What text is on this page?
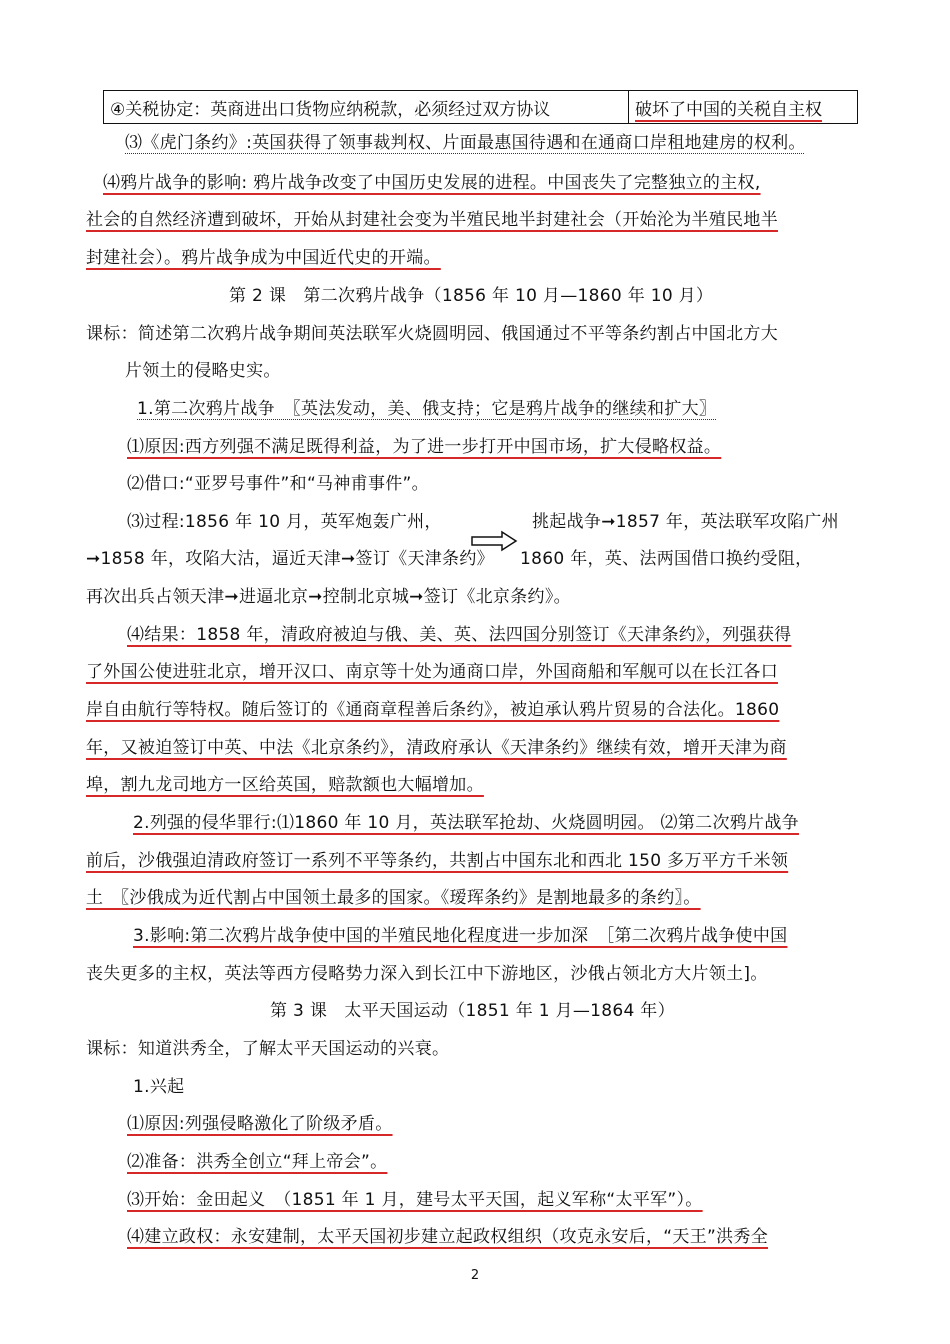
④关税协定：英商进出口货物应纳税款，必须经过双方协议	破坏了中国的关税自主权
⑶《虎门条约》:英国获得了领事裁判权、片面最惠国待遇和在通商口岸租地建房的权利。
⑷鸦片战争的影响: 鸦片战争改变了中国历史发展的进程。中国丧失了完整独立的主权,
社会的自然经济遭到破坏，开始从封建社会变为半殖民地半封建社会（开始沦为半殖民地半
封建社会）。鸦片战争成为中国近代史的开端。
第 2 课　第二次鸦片战争（1856 年 10 月—1860 年 10 月）
课标：简述第二次鸦片战争期间英法联军火烧圆明园、俄国通过不平等条约割占中国北方大
片领土的侵略史实。
1.第二次鸦片战争　〖英法发动，美、俄支持；它是鸦片战争的继续和扩大〗
⑴原因:西方列强不满足既得利益，为了进一步打开中国市场，扩大侵略权益。
⑵借口:“亚罗号事件”和“马神甫事件”。
⑶过程:1856 年 10 月，英军炮轰广州，	挑起战争➞1857 年，英法联军攻陷广州
➞1858 年，攻陷大沽，逼近天津➞签订《天津条约》　　1860 年，英、法两国借口换约受阻，
再次出兵占领天津➞进逼北京➞控制北京城➞签订《北京条约》。
⑷结果：1858 年，清政府被迫与俄、美、英、法四国分别签订《天津条约》，列强获得
了外国公使进驻北京，增开汉口、南京等十处为通商口岸，外国商船和军舰可以在长江各口
岸自由航行等特权。随后签订的《通商章程善后条约》，被迫承认鸦片贸易的合法化。1860
年，又被迫签订中英、中法《北京条约》，清政府承认《天津条约》继续有效，增开天津为商
埠，割九龙司地方一区给英国，赔款额也大幅增加。
2.列强的侵华罪行:⑴1860 年 10 月，英法联军抢劫、火烧圆明园。 ⑵第二次鸦片战争
前后，沙俄强迫清政府签订一系列不平等条约，共割占中国东北和西北 150 多万平方千米领
土　〖沙俄成为近代割占中国领土最多的国家。《瑷珲条约》是割地最多的条约〗。
3.影响:第二次鸦片战争使中国的半殖民地化程度进一步加深　［第二次鸦片战争使中国
丧失更多的主权，英法等西方侵略势力深入到长江中下游地区，沙俄占领北方大片领土]。
第 3 课　太平天国运动（1851 年 1 月—1864 年）
课标：知道洪秀全，了解太平天国运动的兴衰。
1.兴起
⑴原因:列强侵略激化了阶级矛盾。
⑵准备：洪秀全创立“拜上帝会”。
⑶开始：金田起义　（1851 年 1 月，建号太平天国，起义军称“太平军”）。
⑷建立政权：永安建制，太平天国初步建立起政权组织（攻克永安后，“天王”洪秀全
2
